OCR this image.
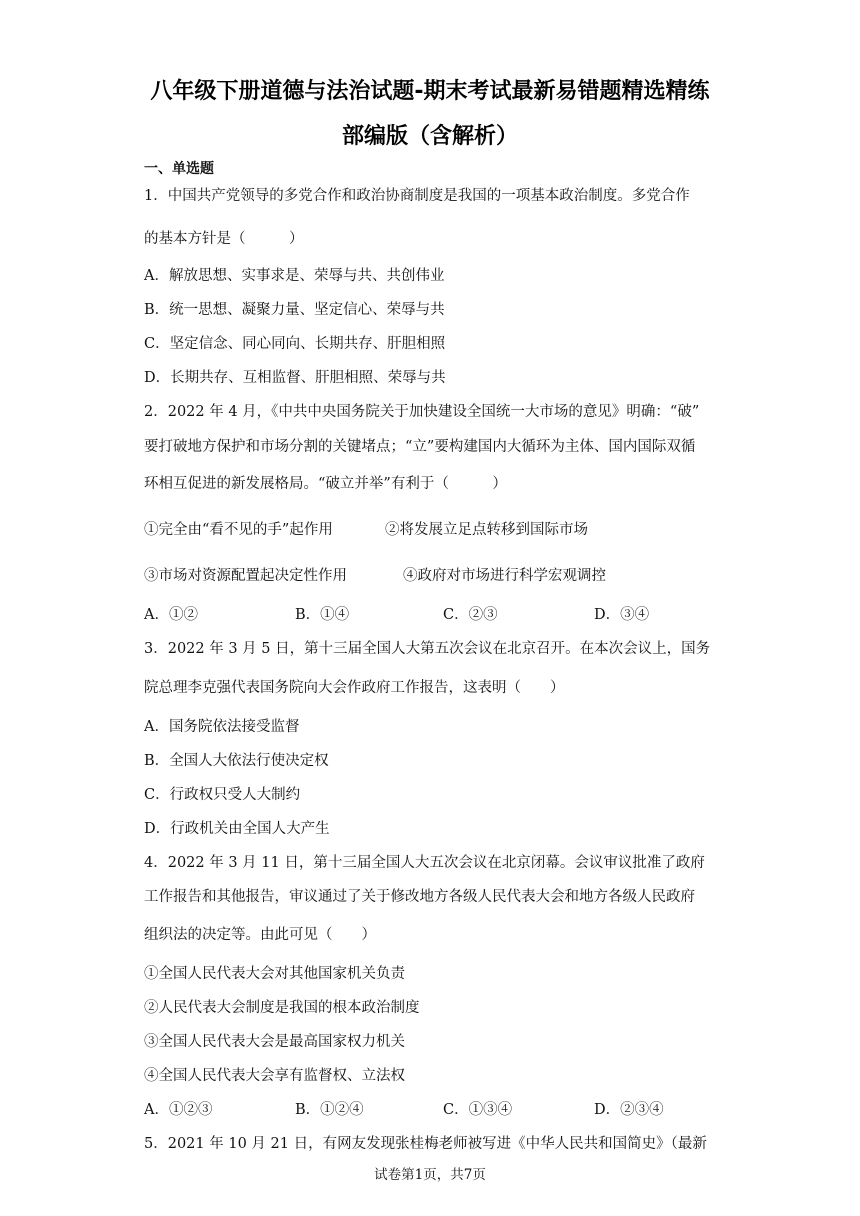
八年级下册道德与法治试题-期末考试最新易错题精选精练
部编版（含解析）
一、单选题
1．中国共产党领导的多党合作和政治协商制度是我国的一项基本政治制度。多党合作
的基本方针是（　　　）
A．解放思想、实事求是、荣辱与共、共创伟业
B．统一思想、凝聚力量、坚定信心、荣辱与共
C．坚定信念、同心同向、长期共存、肝胆相照
D．长期共存、互相监督、肝胆相照、荣辱与共
2．2022 年 4 月，《中共中央国务院关于加快建设全国统一大市场的意见》明确：“破”
要打破地方保护和市场分割的关键堵点；“立”要构建国内大循环为主体、国内国际双循
环相互促进的新发展格局。“破立并举”有利于（　　　）
①完全由“看不见的手”起作用	②将发展立足点转移到国际市场
③市场对资源配置起决定性作用	④政府对市场进行科学宏观调控
A．①②	B．①④	C．②③	D．③④
3．2022 年 3 月 5 日，第十三届全国人大第五次会议在北京召开。在本次会议上，国务
院总理李克强代表国务院向大会作政府工作报告，这表明（　　）
A．国务院依法接受监督
B．全国人大依法行使决定权
C．行政权只受人大制约
D．行政机关由全国人大产生
4．2022 年 3 月 11 日，第十三届全国人大五次会议在北京闭幕。会议审议批准了政府
工作报告和其他报告，审议通过了关于修改地方各级人民代表大会和地方各级人民政府
组织法的决定等。由此可见（　　）
①全国人民代表大会对其他国家机关负责
②人民代表大会制度是我国的根本政治制度
③全国人民代表大会是最高国家权力机关
④全国人民代表大会享有监督权、立法权
A．①②③	B．①②④	C．①③④	D．②③④
5．2021 年 10 月 21 日，有网友发现张桂梅老师被写进《中华人民共和国简史》（最新
试卷第1页，共7页
